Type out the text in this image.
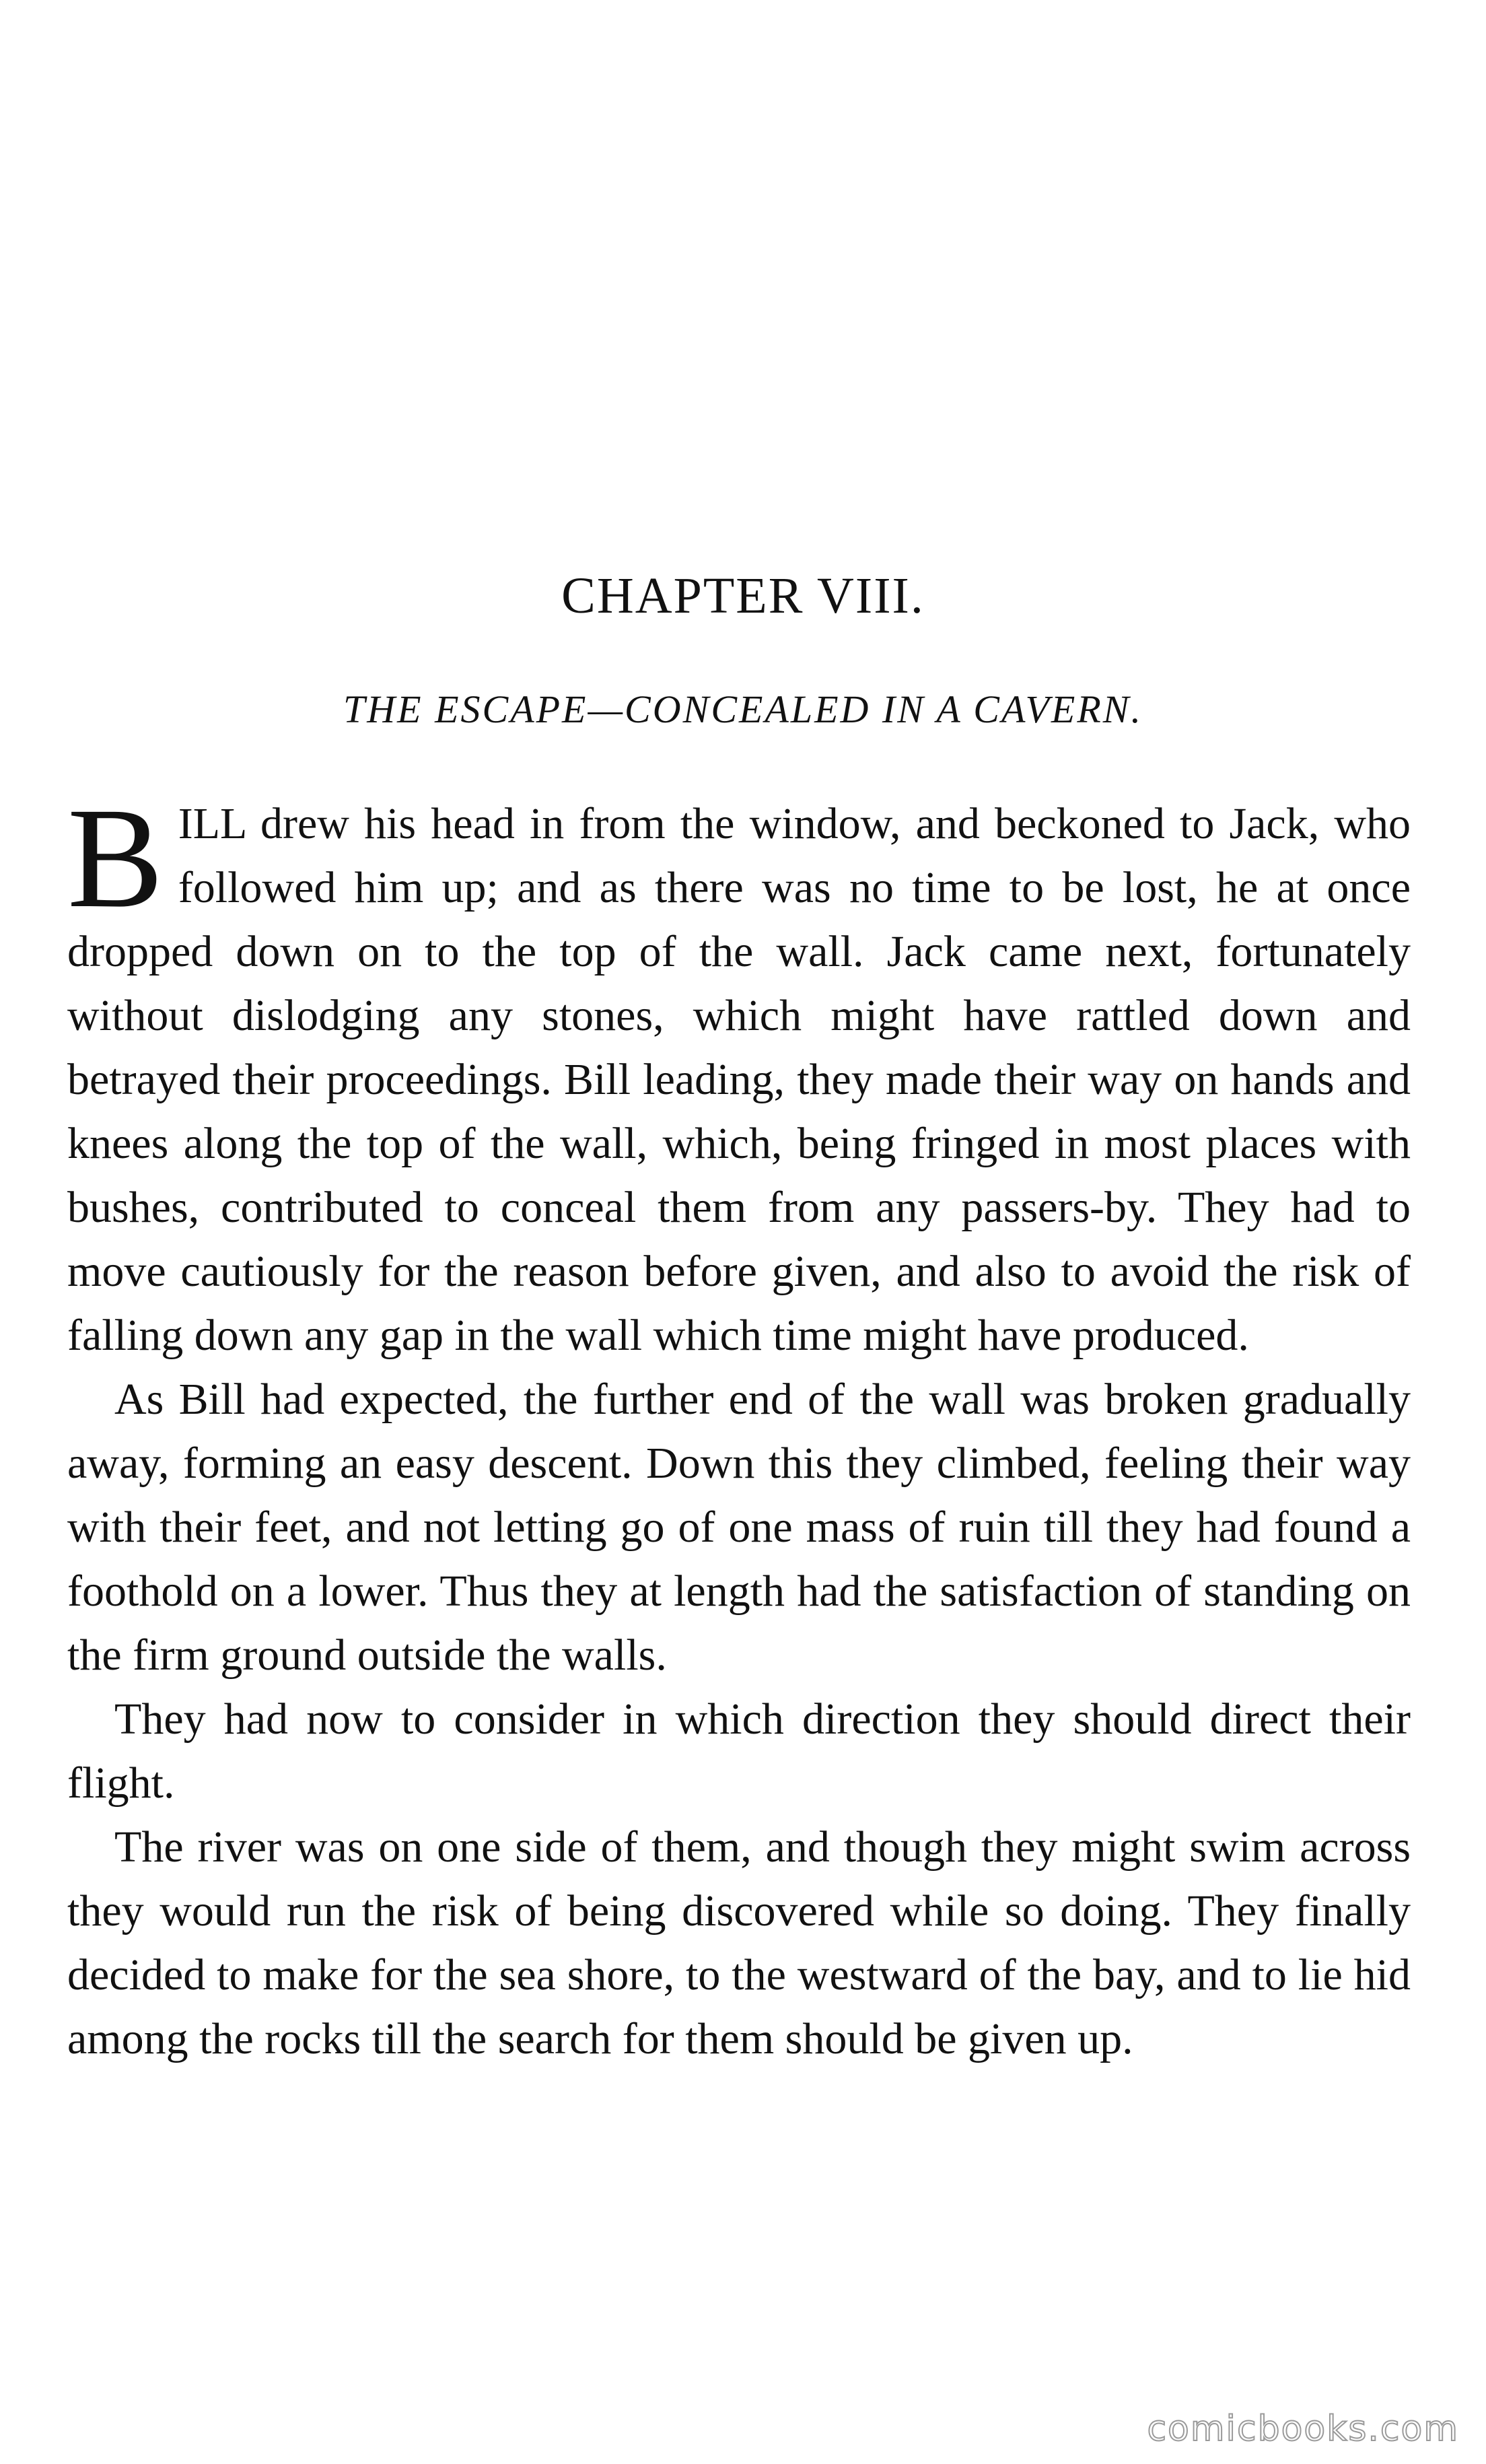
CHAPTER VIII.
THE ESCAPE—CONCEALED IN A CAVERN.

BILL drew his head in from the window, and beckoned to Jack, who followed him up; and as there was no time to be lost, he at once dropped down on to the top of the wall. Jack came next, fortunately without dislodging any stones, which might have rattled down and betrayed their proceedings. Bill leading, they made their way on hands and knees along the top of the wall, which, being fringed in most places with bushes, contributed to conceal them from any passers-by. They had to move cautiously for the reason before given, and also to avoid the risk of falling down any gap in the wall which time might have produced.

As Bill had expected, the further end of the wall was broken gradually away, forming an easy descent. Down this they climbed, feeling their way with their feet, and not letting go of one mass of ruin till they had found a foothold on a lower. Thus they at length had the satisfaction of standing on the firm ground outside the walls.

They had now to consider in which direction they should direct their flight.

The river was on one side of them, and though they might swim across they would run the risk of being discovered while so doing. They finally decided to make for the sea shore, to the westward of the bay, and to lie hid among the rocks till the search for them should be given up.

comicbooks.com
